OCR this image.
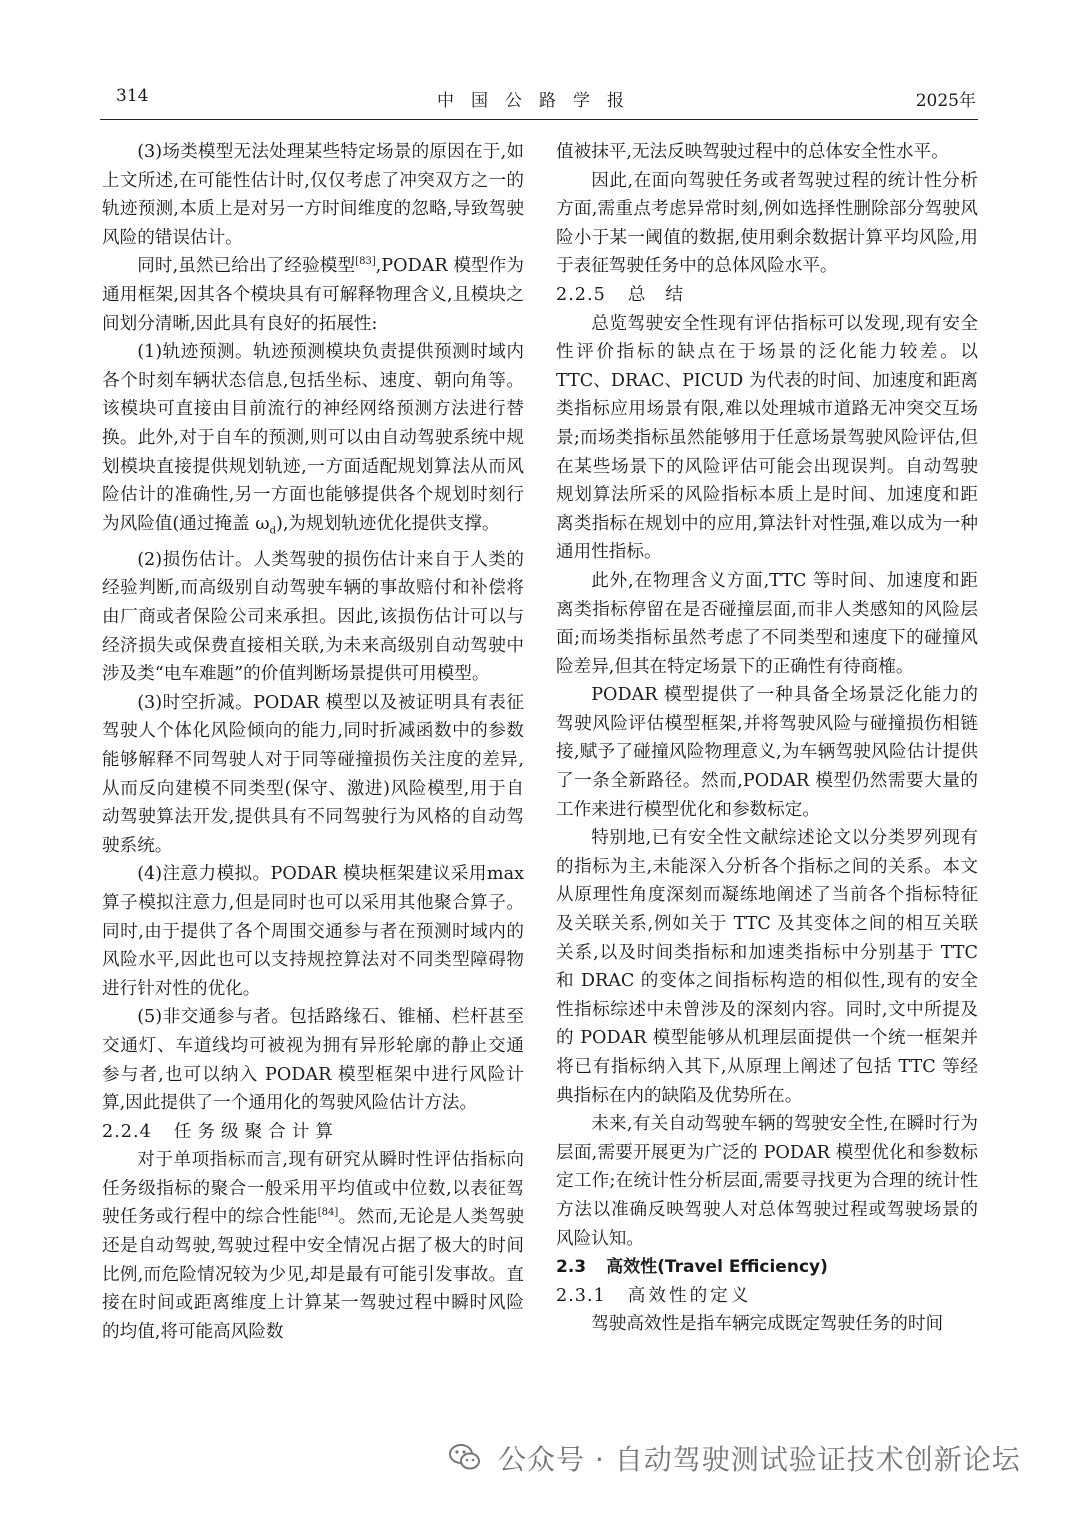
314	中国公路学报	2025年

(3)场类模型无法处理某些特定场景的原因在于,如上文所述,在可能性估计时,仅仅考虑了冲突双方之一的轨迹预测,本质上是对另一方时间维度的忽略,导致驾驶风险的错误估计。

同时,虽然已给出了经验模型[83],PODAR 模型作为通用框架,因其各个模块具有可解释物理含义,且模块之间划分清晰,因此具有良好的拓展性:

(1)轨迹预测。轨迹预测模块负责提供预测时域内各个时刻车辆状态信息,包括坐标、速度、朝向角等。该模块可直接由目前流行的神经网络预测方法进行替换。此外,对于自车的预测,则可以由自动驾驶系统中规划模块直接提供规划轨迹,一方面适配规划算法从而风险估计的准确性,另一方面也能够提供各个规划时刻行为风险值(通过掩盖 $\omega_d$),为规划轨迹优化提供支撑。

(2)损伤估计。人类驾驶的损伤估计来自于人类的经验判断,而高级别自动驾驶车辆的事故赔付和补偿将由厂商或者保险公司来承担。因此,该损伤估计可以与经济损失或保费直接相关联,为未来高级别自动驾驶中涉及类“电车难题”的价值判断场景提供可用模型。

(3)时空折减。PODAR 模型以及被证明具有表征驾驶人个体化风险倾向的能力,同时折减函数中的参数能够解释不同驾驶人对于同等碰撞损伤关注度的差异,从而反向建模不同类型(保守、激进)风险模型,用于自动驾驶算法开发,提供具有不同驾驶行为风格的自动驾驶系统。

(4)注意力模拟。PODAR 模块框架建议采用max 算子模拟注意力,但是同时也可以采用其他聚合算子。同时,由于提供了各个周围交通参与者在预测时域内的风险水平,因此也可以支持规控算法对不同类型障碍物进行针对性的优化。

(5)非交通参与者。包括路缘石、锥桶、栏杆甚至交通灯、车道线均可被视为拥有异形轮廓的静止交通参与者,也可以纳入 PODAR 模型框架中进行风险计算,因此提供了一个通用化的驾驶风险估计方法。

2.2.4 任务级聚合计算

对于单项指标而言,现有研究从瞬时性评估指标向任务级指标的聚合一般采用平均值或中位数,以表征驾驶任务或行程中的综合性能[84]。然而,无论是人类驾驶还是自动驾驶,驾驶过程中安全情况占据了极大的时间比例,而危险情况较为少见,却是最有可能引发事故。直接在时间或距离维度上计算某一驾驶过程中瞬时风险的均值,将可能高风险数

值被抹平,无法反映驾驶过程中的总体安全性水平。

因此,在面向驾驶任务或者驾驶过程的统计性分析方面,需重点考虑异常时刻,例如选择性删除部分驾驶风险小于某一阈值的数据,使用剩余数据计算平均风险,用于表征驾驶任务中的总体风险水平。

2.2.5 总结

总览驾驶安全性现有评估指标可以发现,现有安全性评价指标的缺点在于场景的泛化能力较差。以 TTC、DRAC、PICUD 为代表的时间、加速度和距离类指标应用场景有限,难以处理城市道路无冲突交互场景;而场类指标虽然能够用于任意场景驾驶风险评估,但在某些场景下的风险评估可能会出现误判。自动驾驶规划算法所采的风险指标本质上是时间、加速度和距离类指标在规划中的应用,算法针对性强,难以成为一种通用性指标。

此外,在物理含义方面,TTC 等时间、加速度和距离类指标停留在是否碰撞层面,而非人类感知的风险层面;而场类指标虽然考虑了不同类型和速度下的碰撞风险差异,但其在特定场景下的正确性有待商榷。

PODAR 模型提供了一种具备全场景泛化能力的驾驶风险评估模型框架,并将驾驶风险与碰撞损伤相链接,赋予了碰撞风险物理意义,为车辆驾驶风险估计提供了一条全新路径。然而,PODAR 模型仍然需要大量的工作来进行模型优化和参数标定。

特别地,已有安全性文献综述论文以分类罗列现有的指标为主,未能深入分析各个指标之间的关系。本文从原理性角度深刻而凝练地阐述了当前各个指标特征及关联关系,例如关于 TTC 及其变体之间的相互关联关系,以及时间类指标和加速类指标中分别基于 TTC 和 DRAC 的变体之间指标构造的相似性,现有的安全性指标综述中未曾涉及的深刻内容。同时,文中所提及的 PODAR 模型能够从机理层面提供一个统一框架并将已有指标纳入其下,从原理上阐述了包括 TTC 等经典指标在内的缺陷及优势所在。

未来,有关自动驾驶车辆的驾驶安全性,在瞬时行为层面,需要开展更为广泛的 PODAR 模型优化和参数标定工作;在统计性分析层面,需要寻找更为合理的统计性方法以准确反映驾驶人对总体驾驶过程或驾驶场景的风险认知。

2.3 高效性(Travel Efficiency)

2.3.1 高效性的定义

驾驶高效性是指车辆完成既定驾驶任务的时间

公众号 · 自动驾驶测试验证技术创新论坛
